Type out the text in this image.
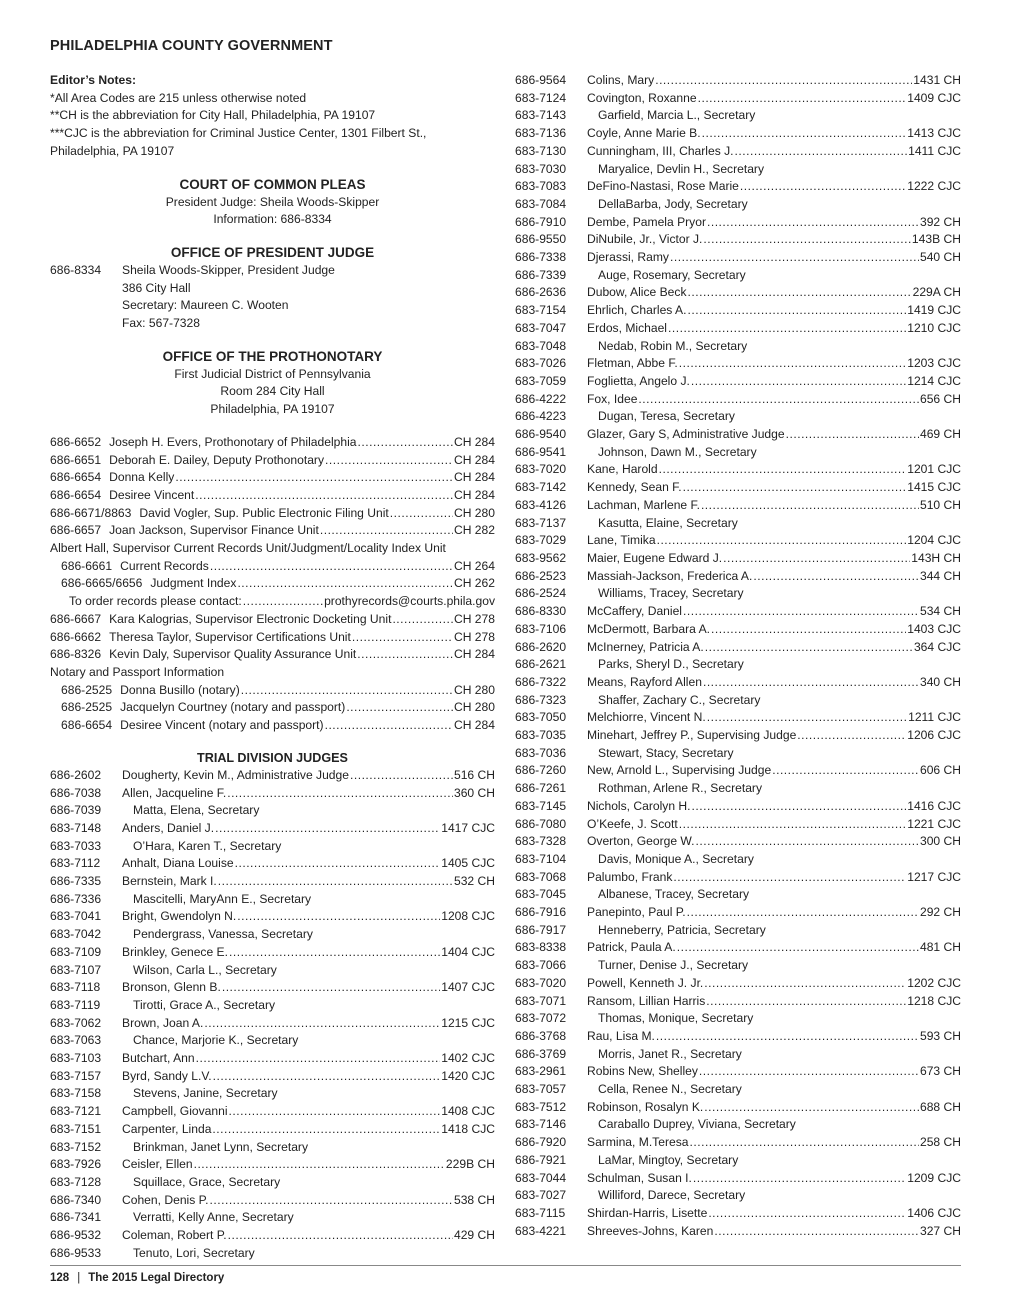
PHILADELPHIA COUNTY GOVERNMENT

Editor’s Notes:

*All Area Codes are 215 unless otherwise noted

**CH is the abbreviation for City Hall, Philadelphia, PA 19107

***CJC is the abbreviation for Criminal Justice Center, 1301 Filbert St.,

Philadelphia, PA 19107

COURT OF COMMON PLEAS

President Judge: Sheila Woods-Skipper

Information: 686-8334

OFFICE OF PRESIDENT JUDGE
686-8334	Sheila Woods-Skipper, President Judge

386 City Hall

Secretary: Maureen C. Wooten

Fax: 567-7328

OFFICE OF THE PROTHONOTARY

First Judicial District of Pennsylvania

Room 284 City Hall

Philadelphia, PA 19107

686-6652 Joseph H. Evers, Prothonotary of Philadelphia .....	CH 284
686-6651 Deborah E. Dailey, Deputy Prothonotary .....	CH 284
686-6654 Donna Kelly .....	CH 284
686-6654 Desiree Vincent .....	CH 284
686-6671/8863 David Vogler, Sup. Public Electronic Filing Unit .....	CH 280
686-6657 Joan Jackson, Supervisor Finance Unit .....	CH 282

Albert Hall, Supervisor Current Records Unit/Judgment/Locality Index Unit

686-6661 Current Records .....	CH 264
686-6665/6656 Judgment Index .....	CH 262
To order records please contact: .....	prothyrecords@courts.phila.gov
686-6667 Kara Kalogrias, Supervisor Electronic Docketing Unit .....	CH 278
686-6662 Theresa Taylor, Supervisor Certifications Unit .....	CH 278
686-8326 Kevin Daly, Supervisor Quality Assurance Unit .....	CH 284

Notary and Passport Information

686-2525 Donna Busillo (notary) .....	CH 280
686-2525 Jacquelyn Courtney (notary and passport) .....	CH 280
686-6654 Desiree Vincent (notary and passport) .....	CH 284
TRIAL DIVISION JUDGES
686-2602	Dougherty, Kevin M., Administrative Judge .....	516 CH
686-7038	Allen, Jacqueline F. .....	360 CH
686-7039	Matta, Elena, Secretary
683-7148	Anders, Daniel J. .....	1417 CJC
683-7033	O’Hara, Karen T., Secretary
683-7112	Anhalt, Diana Louise .....	1405 CJC
686-7335	Bernstein, Mark I. .....	532 CH
686-7336	Mascitelli, MaryAnn E., Secretary
683-7041	Bright, Gwendolyn N. .....	1208 CJC
683-7042	Pendergrass, Vanessa, Secretary
683-7109	Brinkley, Genece E. .....	1404 CJC
683-7107	Wilson, Carla L., Secretary
683-7118	Bronson, Glenn B. .....	1407 CJC
683-7119	Tirotti, Grace A., Secretary
683-7062	Brown, Joan A. .....	1215 CJC
683-7063	Chance, Marjorie K., Secretary
683-7103	Butchart, Ann .....	1402 CJC
683-7157	Byrd, Sandy L.V. .....	1420 CJC
683-7158	Stevens, Janine, Secretary
683-7121	Campbell, Giovanni .....	1408 CJC
683-7151	Carpenter, Linda .....	1418 CJC
683-7152	Brinkman, Janet Lynn, Secretary
683-7926	Ceisler, Ellen .....	229B CH
683-7128	Squillace, Grace, Secretary
686-7340	Cohen, Denis P. .....	538 CH
686-7341	Verratti, Kelly Anne, Secretary
686-9532	Coleman, Robert P. .....	429 CH
686-9533	Tenuto, Lori, Secretary
686-9564	Colins, Mary .....	1431 CH
683-7124	Covington, Roxanne .....	1409 CJC
683-7143	Garfield, Marcia L., Secretary
683-7136	Coyle, Anne Marie B. .....	1413 CJC
683-7130	Cunningham, III, Charles J. .....	1411 CJC
683-7030	Maryalice, Devlin H., Secretary
683-7083	DeFino-Nastasi, Rose Marie .....	1222 CJC
683-7084	DellaBarba, Jody, Secretary
686-7910	Dembe, Pamela Pryor .....	392 CH
686-9550	DiNubile, Jr., Victor J. .....	143B CH
686-7338	Djerassi, Ramy .....	540 CH
686-7339	Auge, Rosemary, Secretary
686-2636	Dubow, Alice Beck .....	229A CH
683-7154	Ehrlich, Charles A. .....	1419 CJC
683-7047	Erdos, Michael .....	1210 CJC
683-7048	Nedab, Robin M., Secretary
683-7026	Fletman, Abbe F. .....	1203 CJC
683-7059	Foglietta, Angelo J. .....	1214 CJC
686-4222	Fox, Idee .....	656 CH
686-4223	Dugan, Teresa, Secretary
686-9540	Glazer, Gary S, Administrative Judge .....	469 CH
686-9541	Johnson, Dawn M., Secretary
683-7020	Kane, Harold .....	1201 CJC
683-7142	Kennedy, Sean F. .....	1415 CJC
683-4126	Lachman, Marlene F. .....	510 CH
683-7137	Kasutta, Elaine, Secretary
683-7029	Lane, Timika .....	1204 CJC
683-9562	Maier, Eugene Edward J. .....	143H CH
686-2523	Massiah-Jackson, Frederica A. .....	344 CH
686-2524	Williams, Tracey, Secretary
686-8330	McCaffery, Daniel .....	534 CH
683-7106	McDermott, Barbara A. .....	1403 CJC
686-2620	McInerney, Patricia A. .....	364 CJC
686-2621	Parks, Sheryl D., Secretary
686-7322	Means, Rayford Allen .....	340 CH
686-7323	Shaffer, Zachary C., Secretary
683-7050	Melchiorre, Vincent N. .....	1211 CJC
683-7035	Minehart, Jeffrey P., Supervising Judge .....	1206 CJC
683-7036	Stewart, Stacy, Secretary
686-7260	New, Arnold L., Supervising Judge .....	606 CH
686-7261	Rothman, Arlene R., Secretary
683-7145	Nichols, Carolyn H. .....	1416 CJC
686-7080	O’Keefe, J. Scott .....	1221 CJC
683-7328	Overton, George W. .....	300 CH
683-7104	Davis, Monique A., Secretary
683-7068	Palumbo, Frank .....	1217 CJC
683-7045	Albanese, Tracey, Secretary
686-7916	Panepinto, Paul P. .....	292 CH
686-7917	Henneberry, Patricia, Secretary
683-8338	Patrick, Paula A. .....	481 CH
683-7066	Turner, Denise J., Secretary
683-7020	Powell, Kenneth J. Jr. .....	1202 CJC
683-7071	Ransom, Lillian Harris .....	1218 CJC
683-7072	Thomas, Monique, Secretary
686-3768	Rau, Lisa M. .....	593 CH
686-3769	Morris, Janet R., Secretary
683-2961	Robins New, Shelley .....	673 CH
683-7057	Cella, Renee N., Secretary
683-7512	Robinson, Rosalyn K. .....	688 CH
683-7146	Caraballo Duprey, Viviana, Secretary
686-7920	Sarmina, M.Teresa .....	258 CH
686-7921	LaMar, Mingtoy, Secretary
683-7044	Schulman, Susan I. .....	1209 CJC
683-7027	Williford, Darece, Secretary
683-7115	Shirdan-Harris, Lisette .....	1406 CJC
683-4221	Shreeves-Johns, Karen .....	327 CH
128 | The 2015 Legal Directory
